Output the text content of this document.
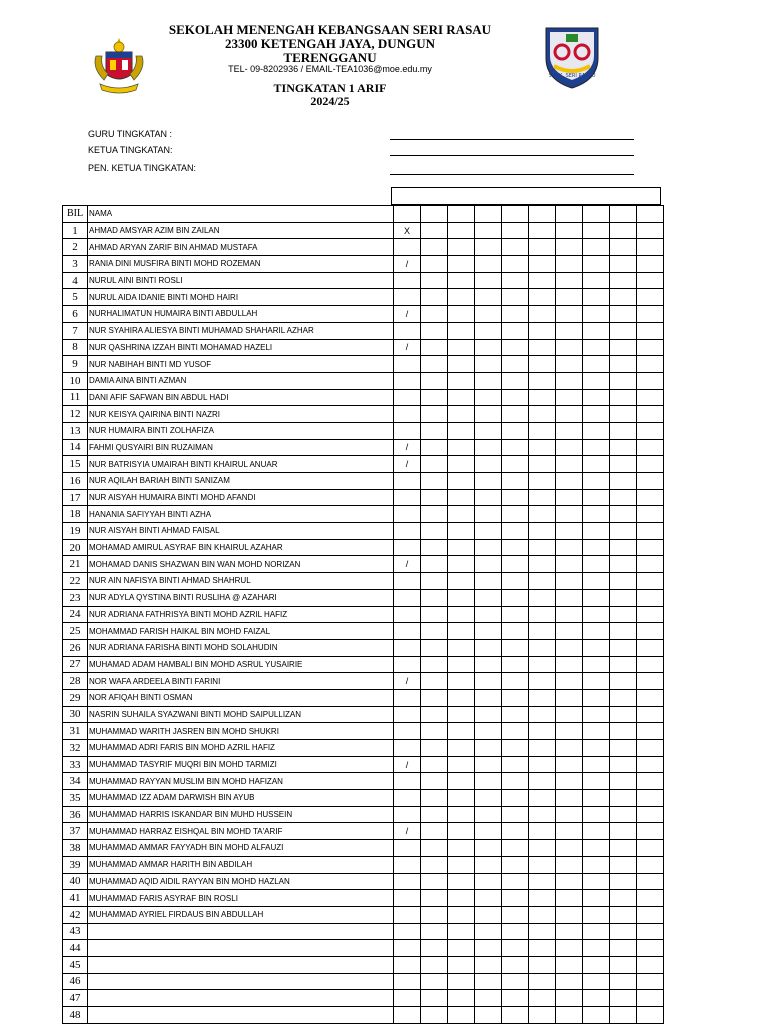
SEKOLAH MENENGAH KEBANGSAAN SERI RASAU
23300 KETENGAH JAYA, DUNGUN
TERENGGANU
TEL- 09-8202936 / EMAIL-TEA1036@moe.edu.my
TINGKATAN 1 ARIF
2024/25
S.M.K. SERI RASAU
GURU TINGKATAN :
KETUA TINGKATAN:
PEN. KETUA TINGKATAN:
BIL	NAMA										
1	AHMAD AMSYAR AZIM BIN ZAILAN	X									
2	AHMAD ARYAN ZARIF BIN AHMAD MUSTAFA										
3	RANIA DINI MUSFIRA BINTI MOHD ROZEMAN	/									
4	NURUL AINI BINTI ROSLI										
5	NURUL AIDA IDANIE BINTI MOHD HAIRI										
6	NURHALIMATUN HUMAIRA BINTI ABDULLAH	/									
7	NUR SYAHIRA ALIESYA BINTI MUHAMAD SHAHARIL AZHAR										
8	NUR QASHRINA IZZAH BINTI MOHAMAD HAZELI	/									
9	NUR NABIHAH BINTI MD YUSOF										
10	DAMIA AINA BINTI AZMAN										
11	DANI AFIF SAFWAN BIN ABDUL HADI										
12	NUR KEISYA QAIRINA BINTI NAZRI										
13	NUR HUMAIRA BINTI ZOLHAFIZA										
14	FAHMI QUSYAIRI BIN RUZAIMAN	/									
15	NUR BATRISYIA UMAIRAH BINTI KHAIRUL ANUAR	/									
16	NUR AQILAH BARIAH BINTI SANIZAM										
17	NUR AISYAH HUMAIRA BINTI MOHD AFANDI										
18	HANANIA SAFIYYAH BINTI AZHA										
19	NUR AISYAH BINTI AHMAD FAISAL										
20	MOHAMAD AMIRUL ASYRAF BIN KHAIRUL AZAHAR										
21	MOHAMAD DANIS SHAZWAN BIN WAN MOHD NORIZAN	/									
22	NUR AIN NAFISYA BINTI AHMAD SHAHRUL										
23	NUR ADYLA QYSTINA BINTI RUSLIHA @ AZAHARI										
24	NUR ADRIANA FATHRISYA BINTI MOHD AZRIL HAFIZ										
25	MOHAMMAD FARISH HAIKAL BIN MOHD FAIZAL										
26	NUR ADRIANA FARISHA BINTI MOHD SOLAHUDIN										
27	MUHAMAD ADAM HAMBALI BIN MOHD ASRUL YUSAIRIE										
28	NOR WAFA ARDEELA BINTI FARINI	/									
29	NOR AFIQAH BINTI OSMAN										
30	NASRIN SUHAILA SYAZWANI BINTI MOHD SAIPULLIZAN										
31	MUHAMMAD WARITH JASREN BIN MOHD SHUKRI										
32	MUHAMMAD ADRI FARIS BIN MOHD AZRIL HAFIZ										
33	MUHAMMAD TASYRIF MUQRI BIN MOHD TARMIZI	/									
34	MUHAMMAD RAYYAN MUSLIM BIN MOHD HAFIZAN										
35	MUHAMMAD IZZ ADAM DARWISH BIN AYUB										
36	MUHAMMAD HARRIS ISKANDAR BIN MUHD HUSSEIN										
37	MUHAMMAD HARRAZ EISHQAL BIN MOHD TA'ARIF	/									
38	MUHAMMAD AMMAR FAYYADH BIN MOHD ALFAUZI										
39	MUHAMMAD AMMAR HARITH BIN ABDILAH										
40	MUHAMMAD AQID AIDIL RAYYAN BIN MOHD HAZLAN										
41	MUHAMMAD FARIS ASYRAF BIN ROSLI										
42	MUHAMMAD AYRIEL FIRDAUS BIN ABDULLAH										
43											
44											
45											
46											
47											
48											
